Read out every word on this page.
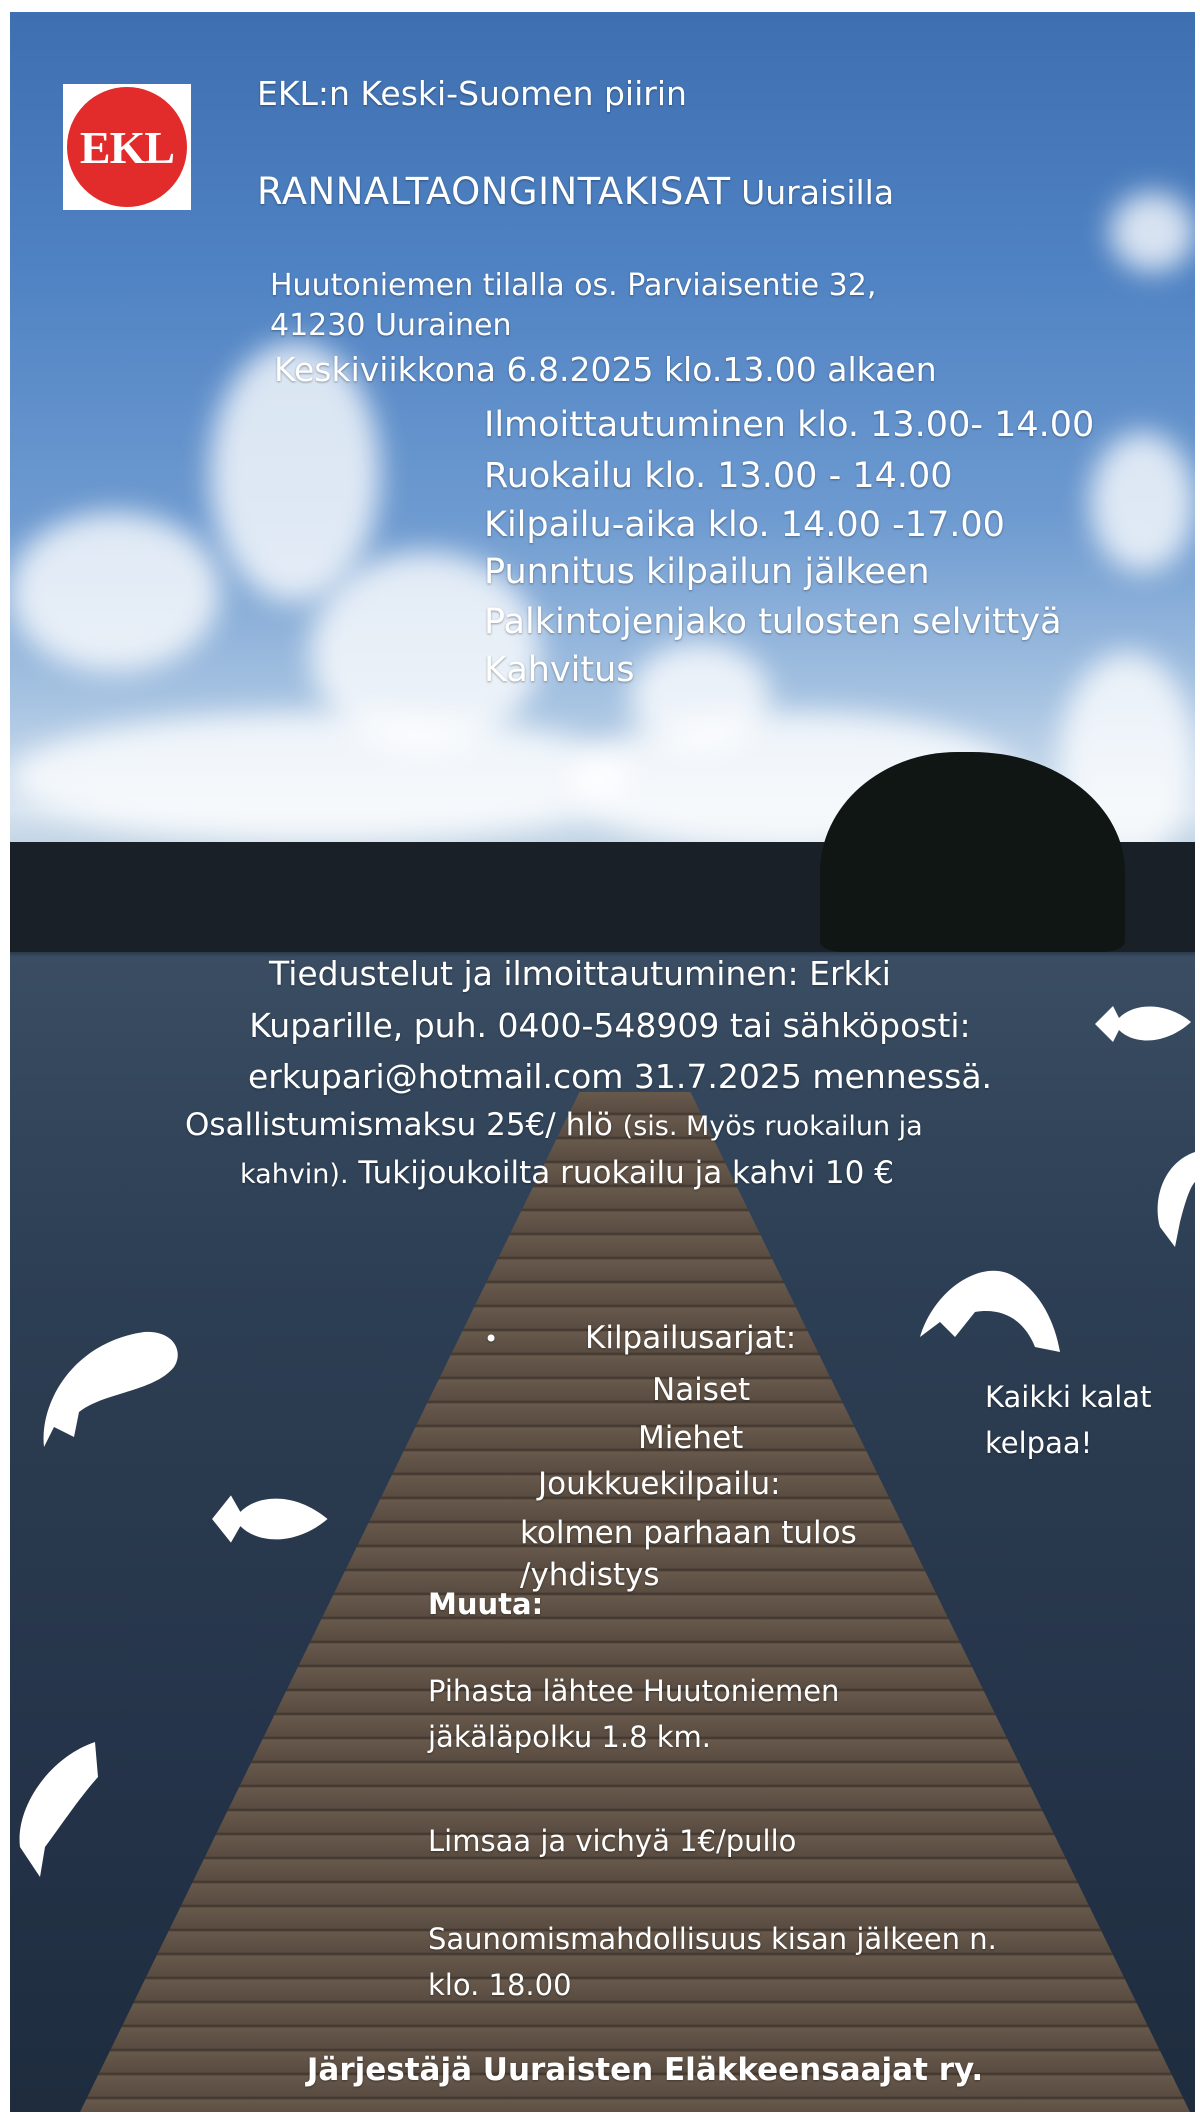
EKL
EKL:n Keski-Suomen piirin
RANNALTAONGINTAKISAT Uuraisilla
Huutoniemen tilalla os. Parviaisentie 32,
41230 Uurainen
Keskiviikkona 6.8.2025 klo.13.00 alkaen
Ilmoittautuminen klo. 13.00- 14.00
Ruokailu klo. 13.00 - 14.00
Kilpailu-aika klo. 14.00 -17.00
Punnitus kilpailun jälkeen
Palkintojenjako tulosten selvittyä
Kahvitus
Tiedustelut ja ilmoittautuminen: Erkki
Kuparille, puh. 0400-548909 tai sähköposti:
erkupari@hotmail.com 31.7.2025 mennessä.
Osallistumismaksu 25€/ hlö (sis. Myös ruokailun ja
kahvin). Tukijoukoilta ruokailu ja kahvi 10 €
•	Kilpailusarjat:
Naiset
Miehet
Joukkuekilpailu:
kolmen parhaan tulos
/yhdistys
Kaikki kalat
kelpaa!
Muuta:
Pihasta lähtee Huutoniemen
jäkäläpolku 1.8 km.
Limsaa ja vichyä 1€/pullo
Saunomismahdollisuus kisan jälkeen n.
klo. 18.00
Järjestäjä Uuraisten Eläkkeensaajat ry.
